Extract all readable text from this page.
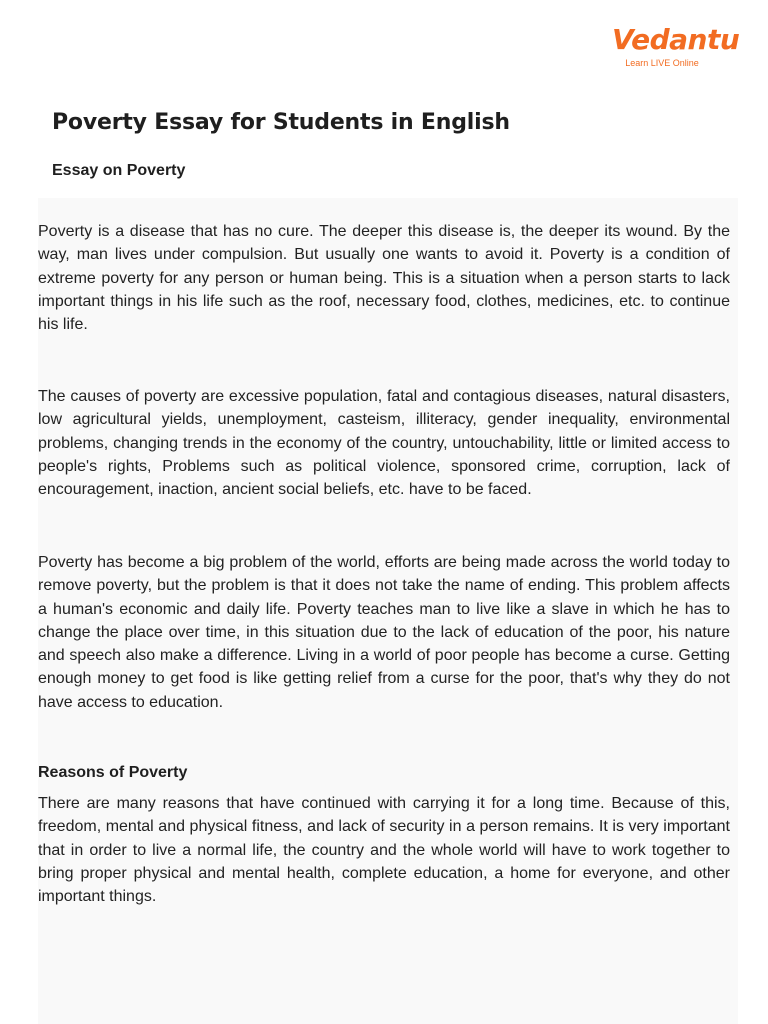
Vedantu
Learn LIVE Online
Poverty Essay for Students in English
Essay on Poverty

Poverty is a disease that has no cure. The deeper this disease is, the deeper its wound. By the way, man lives under compulsion. But usually one wants to avoid it. Poverty is a condition of extreme poverty for any person or human being. This is a situation when a person starts to lack important things in his life such as the roof, necessary food, clothes, medicines, etc. to continue his life.

The causes of poverty are excessive population, fatal and contagious diseases, natural disasters, low agricultural yields, unemployment, casteism, illiteracy, gender inequality, environmental problems, changing trends in the economy of the country, untouchability, little or limited access to people's rights, Problems such as political violence, sponsored crime, corruption, lack of encouragement, inaction, ancient social beliefs, etc. have to be faced.

Poverty has become a big problem of the world, efforts are being made across the world today to remove poverty, but the problem is that it does not take the name of ending. This problem affects a human's economic and daily life. Poverty teaches man to live like a slave in which he has to change the place over time, in this situation due to the lack of education of the poor, his nature and speech also make a difference. Living in a world of poor people has become a curse. Getting enough money to get food is like getting relief from a curse for the poor, that's why they do not have access to education.

Reasons of Poverty

There are many reasons that have continued with carrying it for a long time. Because of this, freedom, mental and physical fitness, and lack of security in a person remains. It is very important that in order to live a normal life, the country and the whole world will have to work together to bring proper physical and mental health, complete education, a home for everyone, and other important things.
